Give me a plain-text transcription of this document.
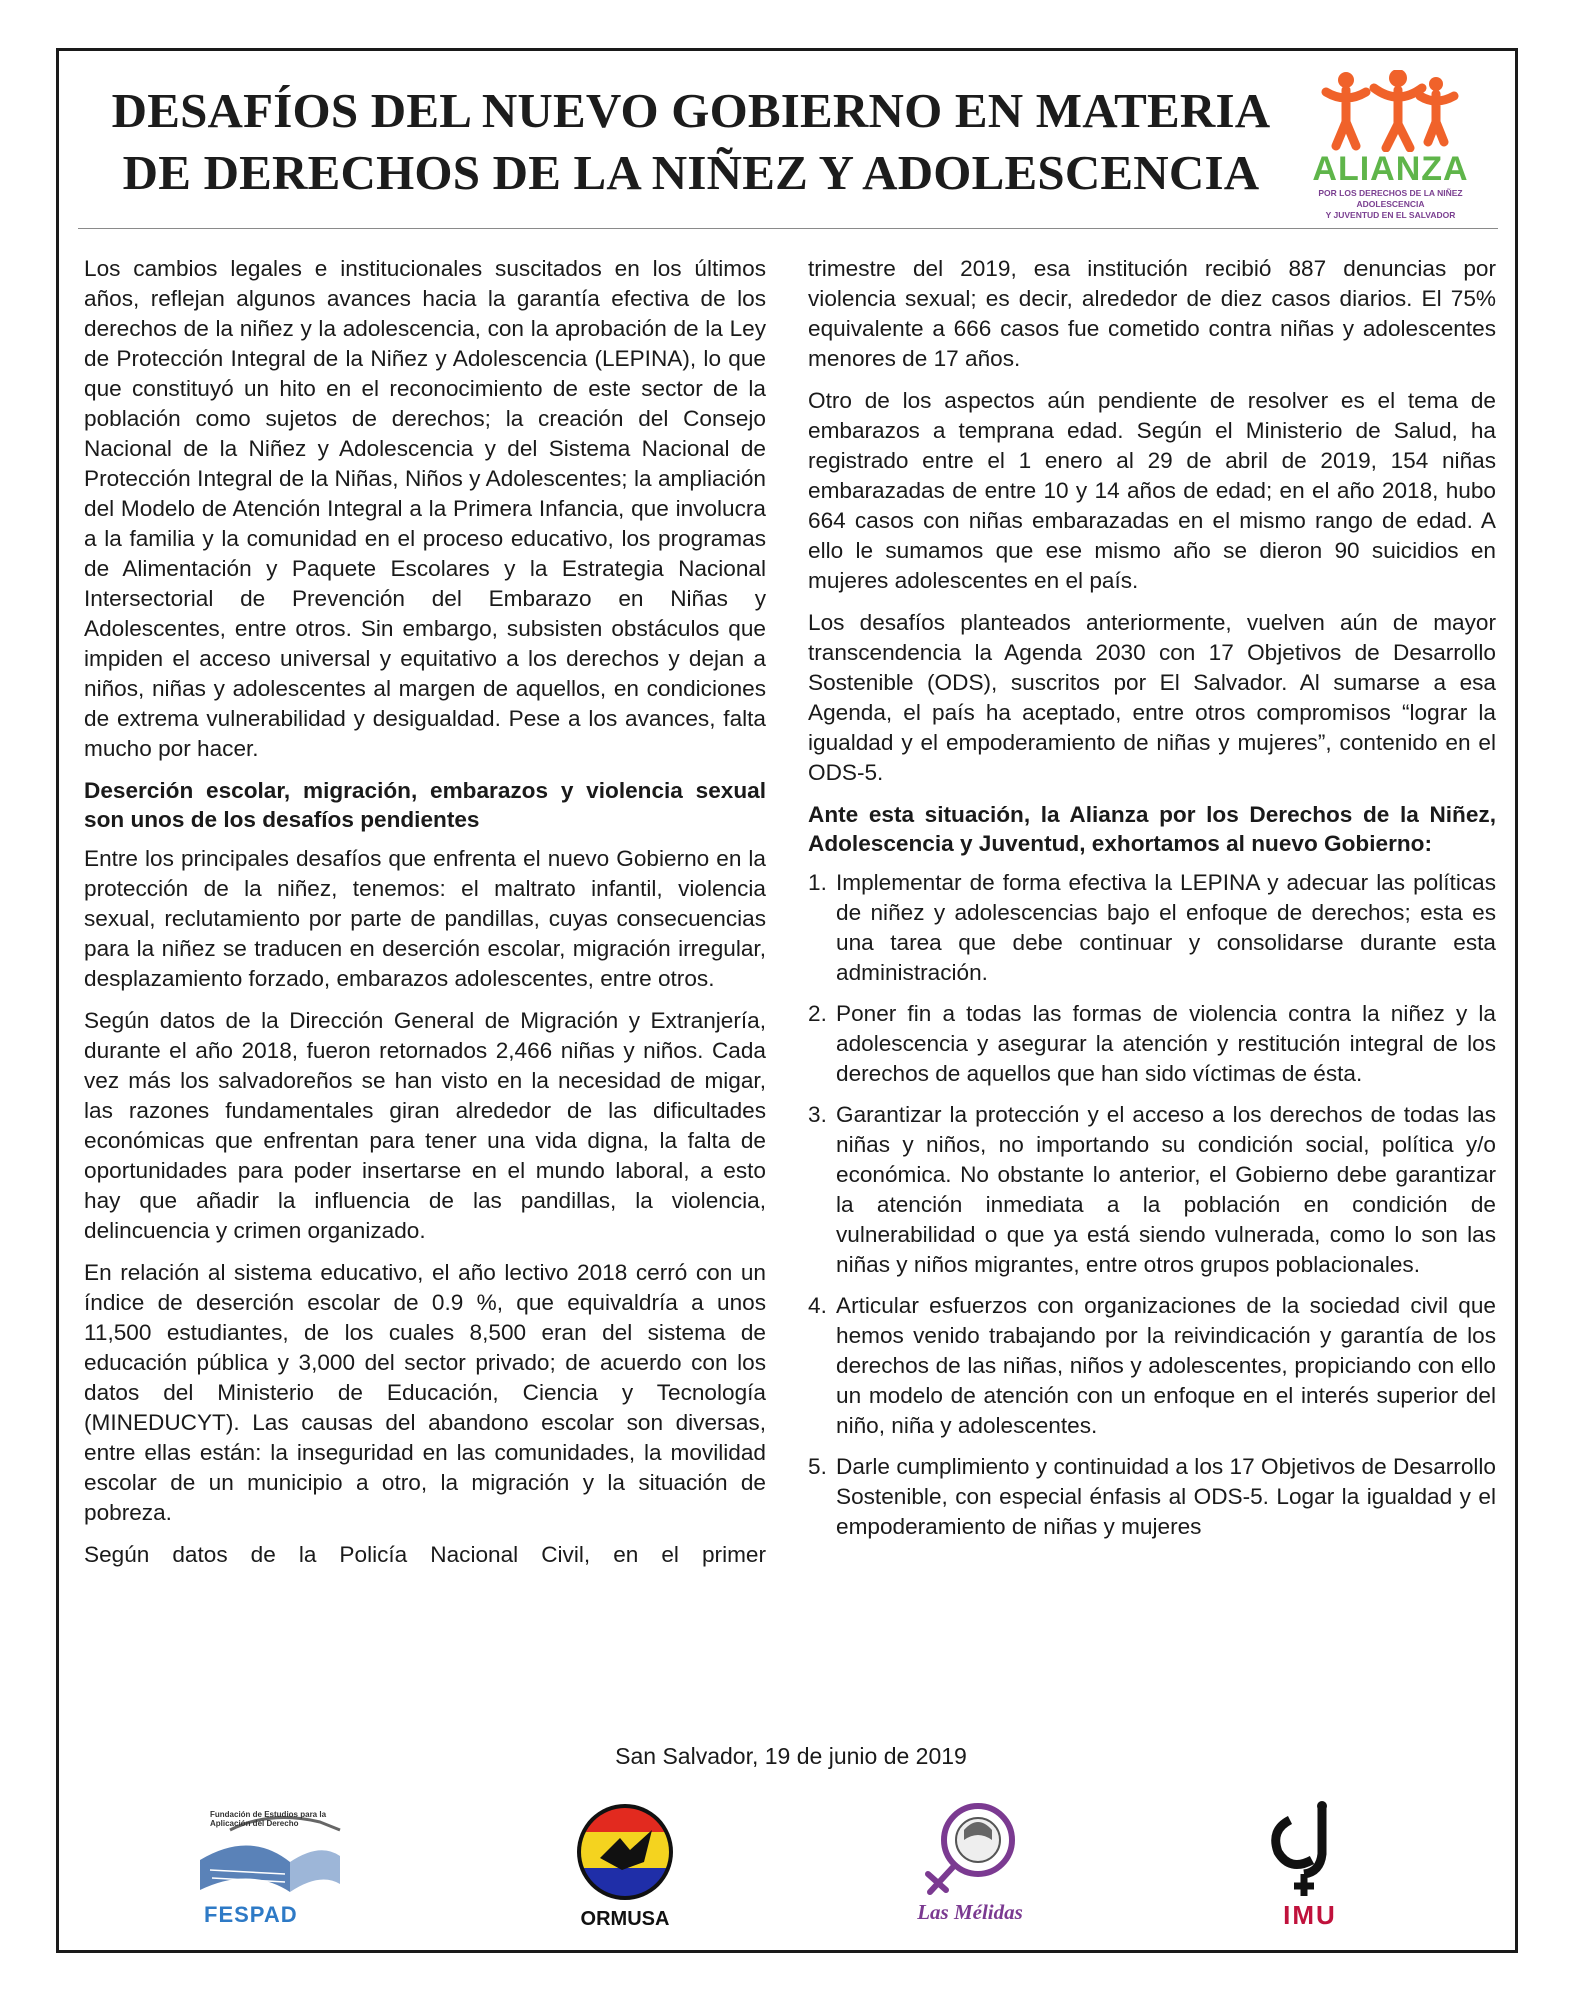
DESAFÍOS DEL NUEVO GOBIERNO EN MATERIA
DE DERECHOS DE LA NIÑEZ Y ADOLESCENCIA	ALIANZA
POR LOS DERECHOS DE LA NIÑEZ ADOLESCENCIA
Y JUVENTUD EN EL SALVADOR

Los cambios legales e institucionales suscitados en los últimos años, reflejan algunos avances hacia la garantía efectiva de los derechos de la niñez y la adolescencia, con la aprobación de la Ley de Protección Integral de la Niñez y Adolescencia (LEPINA), lo que que constituyó un hito en el reconocimiento de este sector de la población como sujetos de derechos; la creación del Consejo Nacional de la Niñez y Adolescencia y del Sistema Nacional de Protección Integral de la Niñas, Niños y Adolescentes; la ampliación del Modelo de Atención Integral a la Primera Infancia, que involucra a la familia y la comunidad en el proceso educativo, los programas de Alimentación y Paquete Escolares y la Estrategia Nacional Intersectorial de Prevención del Embarazo en Niñas y Adolescentes, entre otros. Sin embargo, subsisten obstáculos que impiden el acceso universal y equitativo a los derechos y dejan a niños, niñas y adolescentes al margen de aquellos, en condiciones de extrema vulnerabilidad y desigualdad. Pese a los avances, falta mucho por hacer.

Deserción escolar, migración, embarazos y violencia sexual son unos de los desafíos pendientes

Entre los principales desafíos que enfrenta el nuevo Gobierno en la protección de la niñez, tenemos: el maltrato infantil, violencia sexual, reclutamiento por parte de pandillas, cuyas consecuencias para la niñez se traducen en deserción escolar, migración irregular, desplazamiento forzado, embarazos adolescentes, entre otros.

Según datos de la Dirección General de Migración y Extranjería, durante el año 2018, fueron retornados 2,466 niñas y niños. Cada vez más los salvadoreños se han visto en la necesidad de migar, las razones fundamentales giran alrededor de las dificultades económicas que enfrentan para tener una vida digna, la falta de oportunidades para poder insertarse en el mundo laboral, a esto hay que añadir la influencia de las pandillas, la violencia, delincuencia y crimen organizado.

En relación al sistema educativo, el año lectivo 2018 cerró con un índice de deserción escolar de 0.9 %, que equivaldría a unos 11,500 estudiantes, de los cuales 8,500 eran del sistema de educación pública y 3,000 del sector privado; de acuerdo con los datos del Ministerio de Educación, Ciencia y Tecnología (MINEDUCYT). Las causas del abandono escolar son diversas, entre ellas están: la inseguridad en las comunidades, la movilidad escolar de un municipio a otro, la migración y la situación de pobreza.

Según datos de la Policía Nacional Civil, en el primer

trimestre del 2019, esa institución recibió 887 denuncias por violencia sexual; es decir, alrededor de diez casos diarios. El 75% equivalente a 666 casos fue cometido contra niñas y adolescentes menores de 17 años.

Otro de los aspectos aún pendiente de resolver es el tema de embarazos a temprana edad. Según el Ministerio de Salud, ha registrado entre el 1 enero al 29 de abril de 2019, 154 niñas embarazadas de entre 10 y 14 años de edad; en el año 2018, hubo 664 casos con niñas embarazadas en el mismo rango de edad. A ello le sumamos que ese mismo año se dieron 90 suicidios en mujeres adolescentes en el país.

Los desafíos planteados anteriormente, vuelven aún de mayor transcendencia la Agenda 2030 con 17 Objetivos de Desarrollo Sostenible (ODS), suscritos por El Salvador. Al sumarse a esa Agenda, el país ha aceptado, entre otros compromisos “lograr la igualdad y el empoderamiento de niñas y mujeres”, contenido en el ODS-5.

Ante esta situación, la Alianza por los Derechos de la Niñez, Adolescencia y Juventud, exhortamos al nuevo Gobierno:
1. Implementar de forma efectiva la LEPINA y adecuar las políticas de niñez y adolescencias bajo el enfoque de derechos; esta es una tarea que debe continuar y consolidarse durante esta administración.
2. Poner fin a todas las formas de violencia contra la niñez y la adolescencia y asegurar la atención y restitución integral de los derechos de aquellos que han sido víctimas de ésta.
3. Garantizar la protección y el acceso a los derechos de todas las niñas y niños, no importando su condición social, política y/o económica. No obstante lo anterior, el Gobierno debe garantizar la atención inmediata a la población en condición de vulnerabilidad o que ya está siendo vulnerada, como lo son las niñas y niños migrantes, entre otros grupos poblacionales.
4. Articular esfuerzos con organizaciones de la sociedad civil que hemos venido trabajando por la reivindicación y garantía de los derechos de las niñas, niños y adolescentes, propiciando con ello un modelo de atención con un enfoque en el interés superior del niño, niña y adolescentes.
5. Darle cumplimiento y continuidad a los 17 Objetivos de Desarrollo Sostenible, con especial énfasis al ODS-5. Logar la igualdad y el empoderamiento de niñas y mujeres
San Salvador, 19 de junio de 2019
Fundación de Estudios para la Aplicación del Derecho
FESPAD	ORMUSA	Las Mélidas	IMU
